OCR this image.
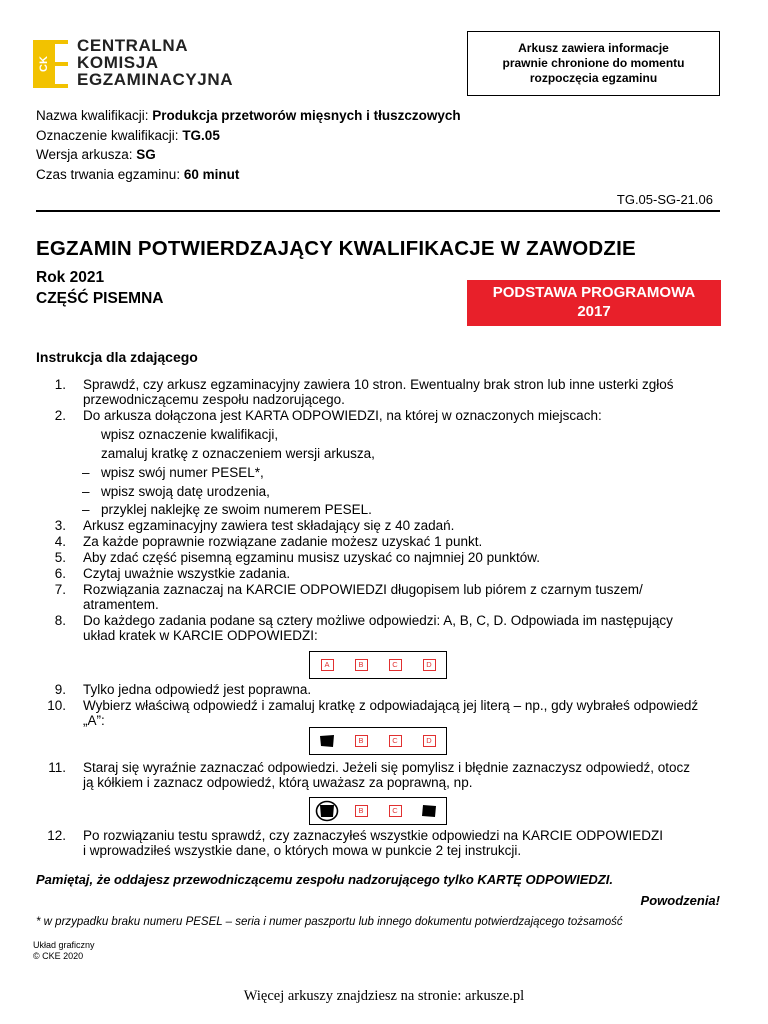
CK
CENTRALNA
KOMISJA
EGZAMINACYJNA
Arkusz zawiera informacje
prawnie chronione do momentu
rozpoczęcia egzaminu
Nazwa kwalifikacji: Produkcja przetworów mięsnych i tłuszczowych
Oznaczenie kwalifikacji: TG.05
Wersja arkusza: SG
Czas trwania egzaminu: 60 minut
TG.05-SG-21.06
EGZAMIN POTWIERDZAJĄCY KWALIFIKACJE W ZAWODZIE
Rok 2021
CZĘŚĆ PISEMNA	PODSTAWA PROGRAMOWA
2017
Instrukcja dla zdającego
1. Sprawdź, czy arkusz egzaminacyjny zawiera 10 stron. Ewentualny brak stron lub inne usterki zgłoś
przewodniczącemu zespołu nadzorującego.
2. Do arkusza dołączona jest KARTA ODPOWIEDZI, na której w oznaczonych miejscach:
wpisz oznaczenie kwalifikacji,
zamaluj kratkę z oznaczeniem wersji arkusza,
– wpisz swój numer PESEL*,
– wpisz swoją datę urodzenia,
– przyklej naklejkę ze swoim numerem PESEL.
3. Arkusz egzaminacyjny zawiera test składający się z 40 zadań.
4. Za każde poprawnie rozwiązane zadanie możesz uzyskać 1 punkt.
5. Aby zdać część pisemną egzaminu musisz uzyskać co najmniej 20 punktów.
6. Czytaj uważnie wszystkie zadania.
7. Rozwiązania zaznaczaj na KARCIE ODPOWIEDZI długopisem lub piórem z czarnym tuszem/
atramentem.
8. Do każdego zadania podane są cztery możliwe odpowiedzi: A, B, C, D. Odpowiada im następujący
układ kratek w KARCIE ODPOWIEDZI:
A	B	C	D
9. Tylko jedna odpowiedź jest poprawna.
10. Wybierz właściwą odpowiedź i zamaluj kratkę z odpowiadającą jej literą – np., gdy wybrałeś odpowiedź
„A”:
B	C	D
11. Staraj się wyraźnie zaznaczać odpowiedzi. Jeżeli się pomylisz i błędnie zaznaczysz odpowiedź, otocz
ją kółkiem i zaznacz odpowiedź, którą uważasz za poprawną, np.
B	C
12. Po rozwiązaniu testu sprawdź, czy zaznaczyłeś wszystkie odpowiedzi na KARCIE ODPOWIEDZI
i wprowadziłeś wszystkie dane, o których mowa w punkcie 2 tej instrukcji.
Pamiętaj, że oddajesz przewodniczącemu zespołu nadzorującego tylko KARTĘ ODPOWIEDZI.
Powodzenia!
* w przypadku braku numeru PESEL – seria i numer paszportu lub innego dokumentu potwierdzającego tożsamość
Układ graficzny
© CKE 2020
Więcej arkuszy znajdziesz na stronie: arkusze.pl
